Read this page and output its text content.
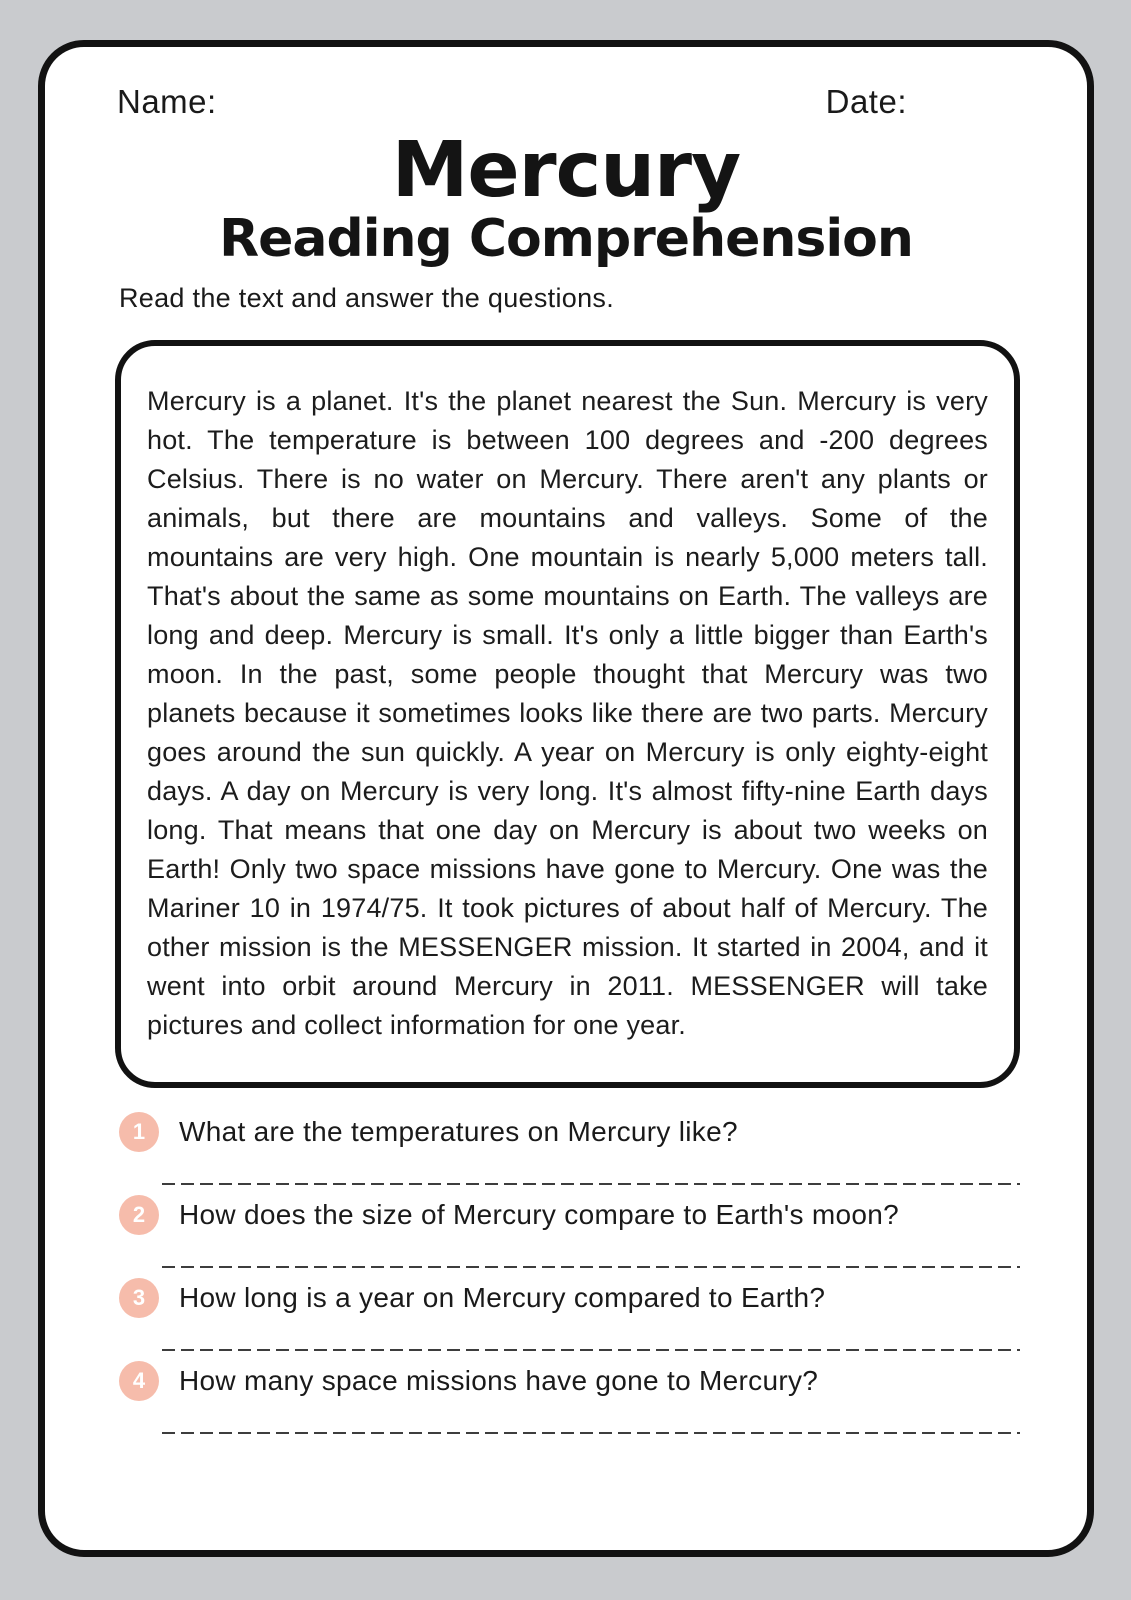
Name:	Date:
Mercury
Reading Comprehension

Read the text and answer the questions.

Mercury is a planet. It's the planet nearest the Sun. Mercury is very hot. The temperature is between 100 degrees and -200 degrees Celsius. There is no water on Mercury. There aren't any plants or animals, but there are mountains and valleys. Some of the mountains are very high. One mountain is nearly 5,000 meters tall. That's about the same as some mountains on Earth. The valleys are long and deep. Mercury is small. It's only a little bigger than Earth's moon. In the past, some people thought that Mercury was two planets because it sometimes looks like there are two parts. Mercury goes around the sun quickly. A year on Mercury is only eighty-eight days. A day on Mercury is very long. It's almost fifty-nine Earth days long. That means that one day on Mercury is about two weeks on Earth! Only two space missions have gone to Mercury. One was the Mariner 10 in 1974/75. It took pictures of about half of Mercury. The other mission is the MESSENGER mission. It started in 2004, and it went into orbit around Mercury in 2011. MESSENGER will take pictures and collect information for one year.

1 What are the temperatures on Mercury like?
2 How does the size of Mercury compare to Earth's moon?
3 How long is a year on Mercury compared to Earth?
4 How many space missions have gone to Mercury?
